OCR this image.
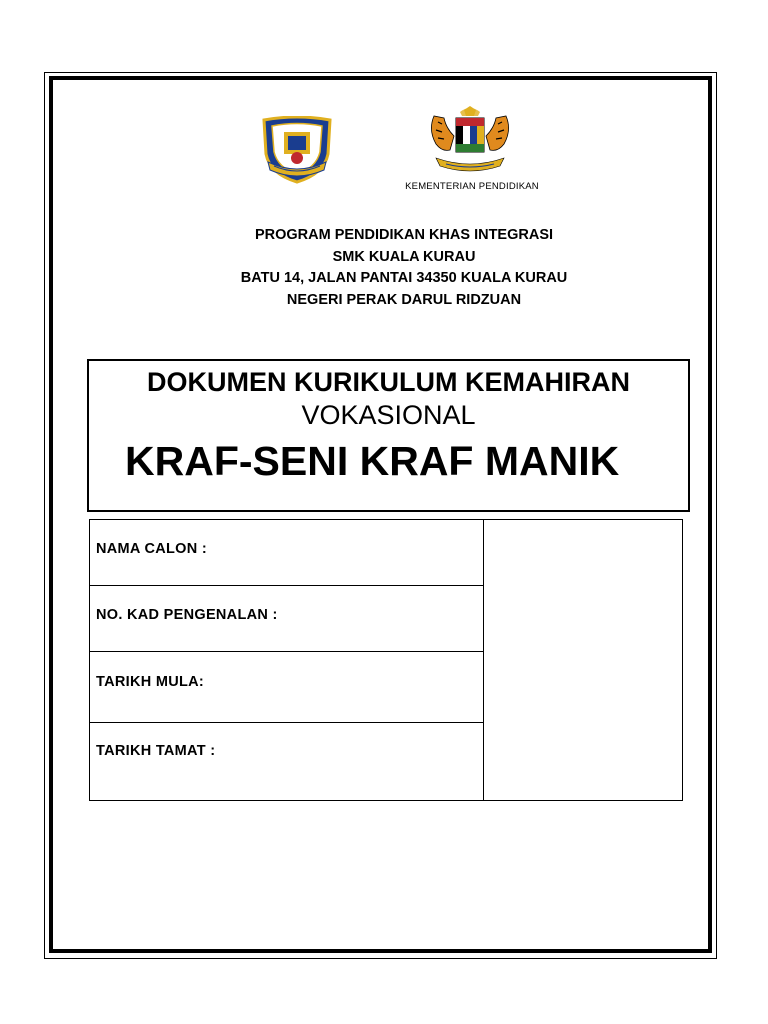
KEMENTERIAN PENDIDIKAN
PROGRAM PENDIDIKAN KHAS INTEGRASI
SMK KUALA KURAU
BATU 14, JALAN PANTAI 34350 KUALA KURAU
NEGERI PERAK DARUL RIDZUAN
DOKUMEN KURIKULUM KEMAHIRAN
VOKASIONAL
KRAF-SENI KRAF MANIK
NAMA CALON :
NO. KAD PENGENALAN :
TARIKH MULA:
TARIKH TAMAT :
